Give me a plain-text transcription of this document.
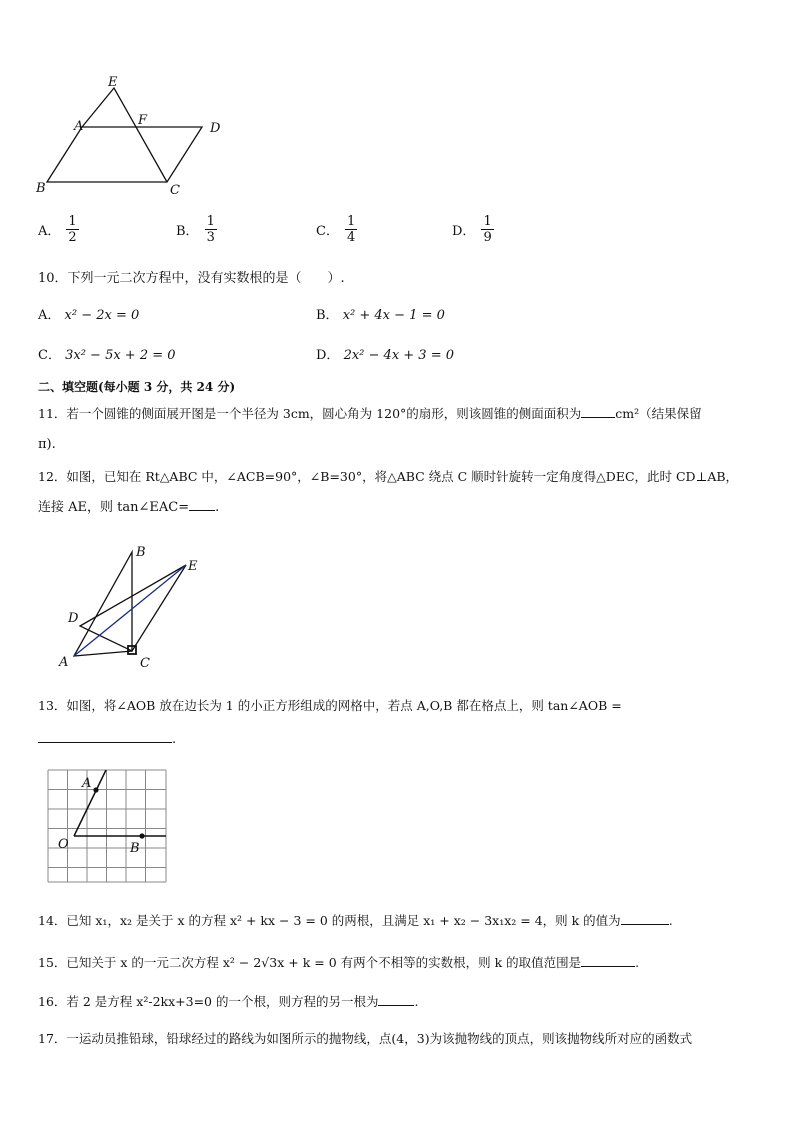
E
A	F
D
B	C
A． $\frac{1}{2}$	B． $\frac{1}{3}$	C． $\frac{1}{4}$	D． $\frac{1}{9}$
10．下列一元二次方程中，没有实数根的是（　　）.
A． x² − 2x = 0	B． x² + 4x − 1 = 0
C． 3x² − 5x + 2 = 0	D． 2x² − 4x + 3 = 0
二、填空题(每小题 3 分，共 24 分)
11．若一个圆锥的侧面展开图是一个半径为 3cm，圆心角为 120°的扇形，则该圆锥的侧面面积为	cm²（结果保留
π).
12．如图，已知在 Rt△ABC 中，∠ACB=90°，∠B=30°，将△ABC 绕点 C 顺时针旋转一定角度得△DEC，此时 CD⊥AB，
连接 AE，则 tan∠EAC= .
B
E
D
A	C
13．如图，将∠AOB 放在边长为 1 的小正方形组成的网格中，若点 A,O,B 都在格点上，则 tan∠AOB =
.
A
O	B
14．已知 x₁，x₂ 是关于 x 的方程 x² + kx − 3 = 0 的两根，且满足 x₁ + x₂ − 3x₁x₂ = 4，则 k 的值为	.
15．已知关于 x 的一元二次方程 x² − 2√3x + k = 0 有两个不相等的实数根，则 k 的取值范围是	.
16．若 2 是方程 x²-2kx+3=0 的一个根，则方程的另一根为	.
17．一运动员推铅球，铅球经过的路线为如图所示的抛物线，点(4，3)为该抛物线的顶点，则该抛物线所对应的函数式
